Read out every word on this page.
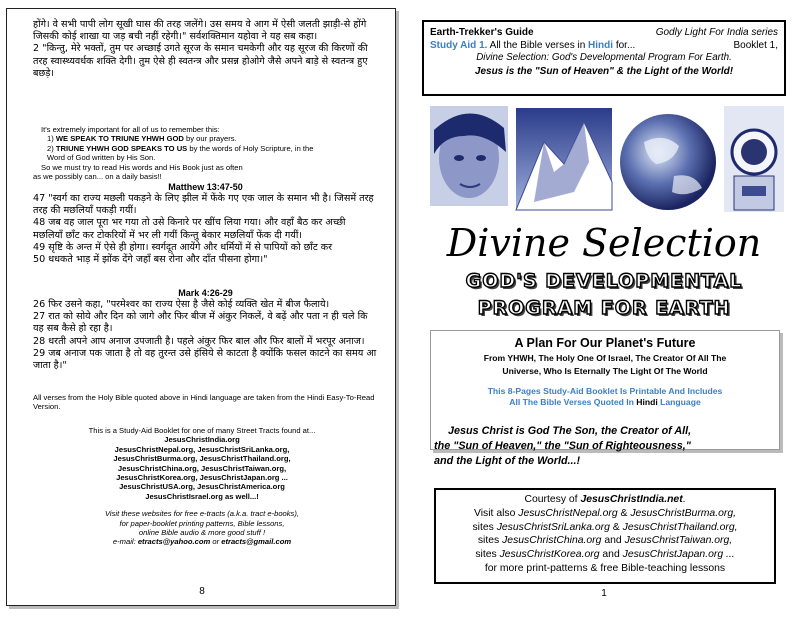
होंगे। वे सभी पापी लोग सूखी घास की तरह जलेंगे। उस समय वे आग में ऐसी जलती झाड़ी-से होंगे जिसकी कोई शाखा या जड़ बची नहीं रहेगी।" सर्वशक्तिमान यहोवा ने यह सब कहा।
2 "किन्तु, मेरे भक्तों, तुम पर अच्छाई उगते सूरज के समान चमकेगी और यह सूरज की किरणों की तरह स्वास्थ्यवर्धक शक्ति देगी। तुम ऐसे ही स्वतन्त्र और प्रसन्न होओगे जैसे अपने बाड़े से स्वतन्त्र हुए बछड़े।
It's extremely important for all of us to remember this:
1) WE SPEAK TO TRIUNE YHWH GOD by our prayers.
2) TRIUNE YHWH GOD SPEAKS TO US by the words of Holy Scripture, in the Word of God written by His Son.
So we must try to read His words and His Book just as often
as we possibly can... on a daily basis!!
Matthew 13:47-50
47 "स्वर्ग का राज्य मछली पकड़ने के लिए झील में फेंके गए एक जाल के समान भी है। जिसमें तरह तरह की मछलियाँ पकड़ी गयीं।
48 जब वह जाल पूरा भर गया तो उसे किनारे पर खींच लिया गया। और वहाँ बैठ कर अच्छी मछलियाँ छाँट कर टोकरियों में भर ली गयीं किन्तु बेकार मछलियाँ फेंक दी गयीं।
49 सृष्टि के अन्त में ऐसे ही होगा। स्वर्गदूत आयेंगे और धर्मियों में से पापियों को छाँट कर
50 धधकते भाड़ में झोंक देंगे जहाँ बस रोना और दाँत पीसना होगा।"
Mark 4:26-29
26 फिर उसने कहा, "परमेश्वर का राज्य ऐसा है जैसे कोई व्यक्ति खेत में बीज फैलाये।
27 रात को सोये और दिन को जागे और फिर बीज में अंकुर निकलें, वे बढ़ें और पता न ही चले कि यह सब कैसे हो रहा है।
28 धरती अपने आप अनाज उपजाती है। पहले अंकुर फिर बाल और फिर बालों में भरपूर अनाज।
29 जब अनाज पक जाता है तो वह तुरन्त उसे हंसिये से काटता है क्योंकि फसल काटने का समय आ जाता है।"
All verses from the Holy Bible quoted above in Hindi language are taken from the Hindi Easy-To-Read Version.
This is a Study-Aid Booklet for one of many Street Tracts found at...
JesusChristIndia.org
JesusChristNepal.org, JesusChristSriLanka.org,
JesusChristBurma.org, JesusChristThailand.org,
JesusChristChina.org, JesusChristTaiwan.org,
JesusChristKorea.org, JesusChristJapan.org ...
JesusChristUSA.org, JesusChristAmerica.org
JesusChristIsrael.org as well...!
Visit these websites for free e-tracts (a.k.a. tract e-books),
for paper-booklet printing patterns, Bible lessons,
online Bible audio & more good stuff !
e-mail: etracts@yahoo.com or etracts@gmail.com
8
Earth-Trekker's Guide	Godly Light For India series
Study Aid 1. All the Bible verses in Hindi for...	Booklet 1,
Divine Selection: God's Developmental Program For Earth.
Jesus is the "Sun of Heaven" & the Light of the World!
Divine Selection
GOD'S DEVELOPMENTAL
PROGRAM FOR EARTH
A Plan For Our Planet's Future
From YHWH, The Holy One Of Israel, The Creator Of All The
Universe, Who Is Eternally The Light Of The World
This 8-Pages Study-Aid Booklet Is Printable And Includes
All The Bible Verses Quoted In Hindi Language
Jesus Christ is God The Son, the Creator of All,
the "Sun of Heaven," the "Sun of Righteousness,"
and the Light of the World...!
Courtesy of JesusChristIndia.net.
Visit also JesusChristNepal.org & JesusChristBurma.org,
sites JesusChristSriLanka.org & JesusChristThailand.org,
sites JesusChristChina.org and JesusChristTaiwan.org,
sites JesusChristKorea.org and JesusChristJapan.org ...
for more print-patterns & free Bible-teaching lessons
1
